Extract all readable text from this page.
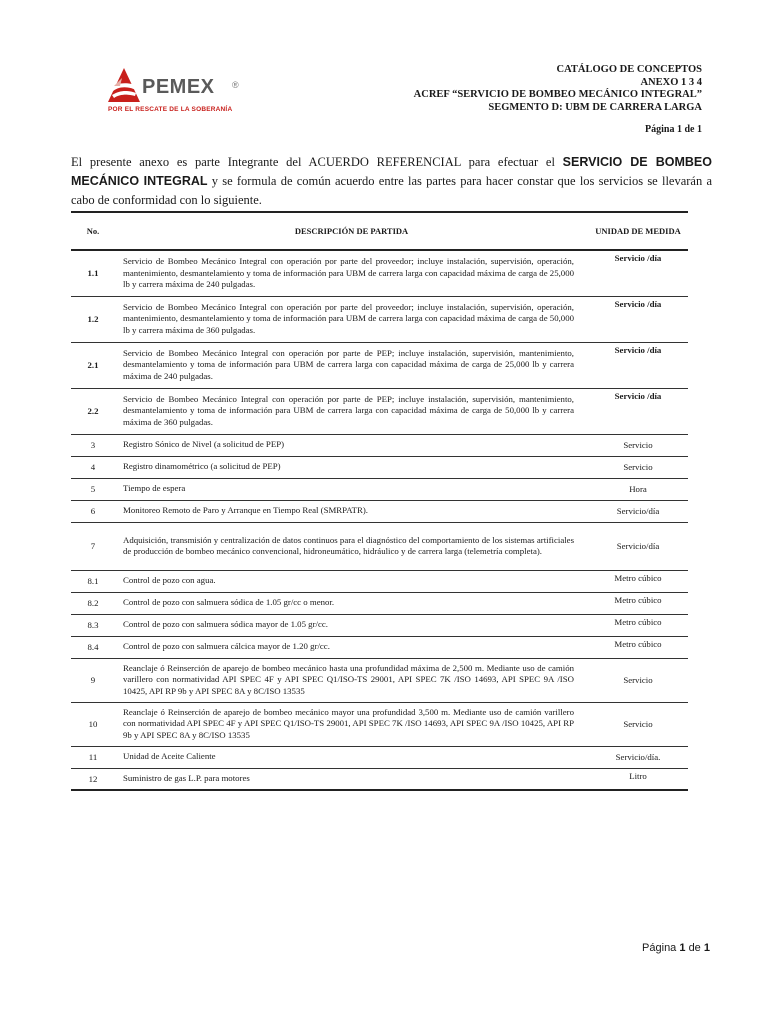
PEMEX ®
POR EL RESCATE DE LA SOBERANÍA
CATÁLOGO DE CONCEPTOS
ANEXO 1 3 4
ACREF “SERVICIO DE BOMBEO MECÁNICO INTEGRAL”
SEGMENTO D: UBM DE CARRERA LARGA
Página 1 de 1

El presente anexo es parte Integrante del ACUERDO REFERENCIAL para efectuar el SERVICIO DE BOMBEO MECÁNICO INTEGRAL y se formula de común acuerdo entre las partes para hacer constar que los servicios se llevarán a cabo de conformidad con lo siguiente.

No.	DESCRIPCIÓN DE PARTIDA	UNIDAD DE MEDIDA
1.1	Servicio de Bombeo Mecánico Integral con operación por parte del proveedor; incluye instalación, supervisión, operación, mantenimiento, desmantelamiento y toma de información para UBM de carrera larga con capacidad máxima de carga de 25,000 lb y carrera máxima de 240 pulgadas.	Servicio /día
1.2	Servicio de Bombeo Mecánico Integral con operación por parte del proveedor; incluye instalación, supervisión, operación, mantenimiento, desmantelamiento y toma de información para UBM de carrera larga con capacidad máxima de carga de 50,000 lb y carrera máxima de 360 pulgadas.	Servicio /día
2.1	Servicio de Bombeo Mecánico Integral con operación por parte de PEP; incluye instalación, supervisión, mantenimiento, desmantelamiento y toma de información para UBM de carrera larga con capacidad máxima de carga de 25,000 lb y carrera máxima de 240 pulgadas.	Servicio /día
2.2	Servicio de Bombeo Mecánico Integral con operación por parte de PEP; incluye instalación, supervisión, mantenimiento, desmantelamiento y toma de información para UBM de carrera larga con capacidad máxima de carga de 50,000 lb y carrera máxima de 360 pulgadas.	Servicio /día
3	Registro Sónico de Nivel (a solicitud de PEP)	Servicio
4	Registro dinamométrico (a solicitud de PEP)	Servicio
5	Tiempo de espera	Hora
6	Monitoreo Remoto de Paro y Arranque en Tiempo Real (SMRPATR).	Servicio/día
7	Adquisición, transmisión y centralización de datos continuos para el diagnóstico del comportamiento de los sistemas artificiales de producción de bombeo mecánico convencional, hidroneumático, hidráulico y de carrera larga (telemetría completa).	Servicio/día
8.1	Control de pozo con agua.	Metro cúbico
8.2	Control de pozo con salmuera sódica de 1.05 gr/cc o menor.	Metro cúbico
8.3	Control de pozo con salmuera sódica mayor de 1.05 gr/cc.	Metro cúbico
8.4	Control de pozo con salmuera cálcica mayor de 1.20 gr/cc.	Metro cúbico
9	Reanclaje ó Reinserción de aparejo de bombeo mecánico hasta una profundidad máxima de 2,500 m. Mediante uso de camión varillero con normatividad API SPEC 4F y API SPEC Q1/ISO-TS 29001, API SPEC 7K /ISO 14693, API SPEC 9A /ISO 10425, API RP 9b y API SPEC 8A y 8C/ISO 13535	Servicio
10	Reanclaje ó Reinserción de aparejo de bombeo mecánico mayor una profundidad 3,500 m. Mediante uso de camión varillero con normatividad API SPEC 4F y API SPEC Q1/ISO-TS 29001, API SPEC 7K /ISO 14693, API SPEC 9A /ISO 10425, API RP 9b y API SPEC 8A y 8C/ISO 13535	Servicio
11	Unidad de Aceite Caliente	Servicio/día.
12	Suministro de gas L.P. para motores	Litro
Página 1 de 1
